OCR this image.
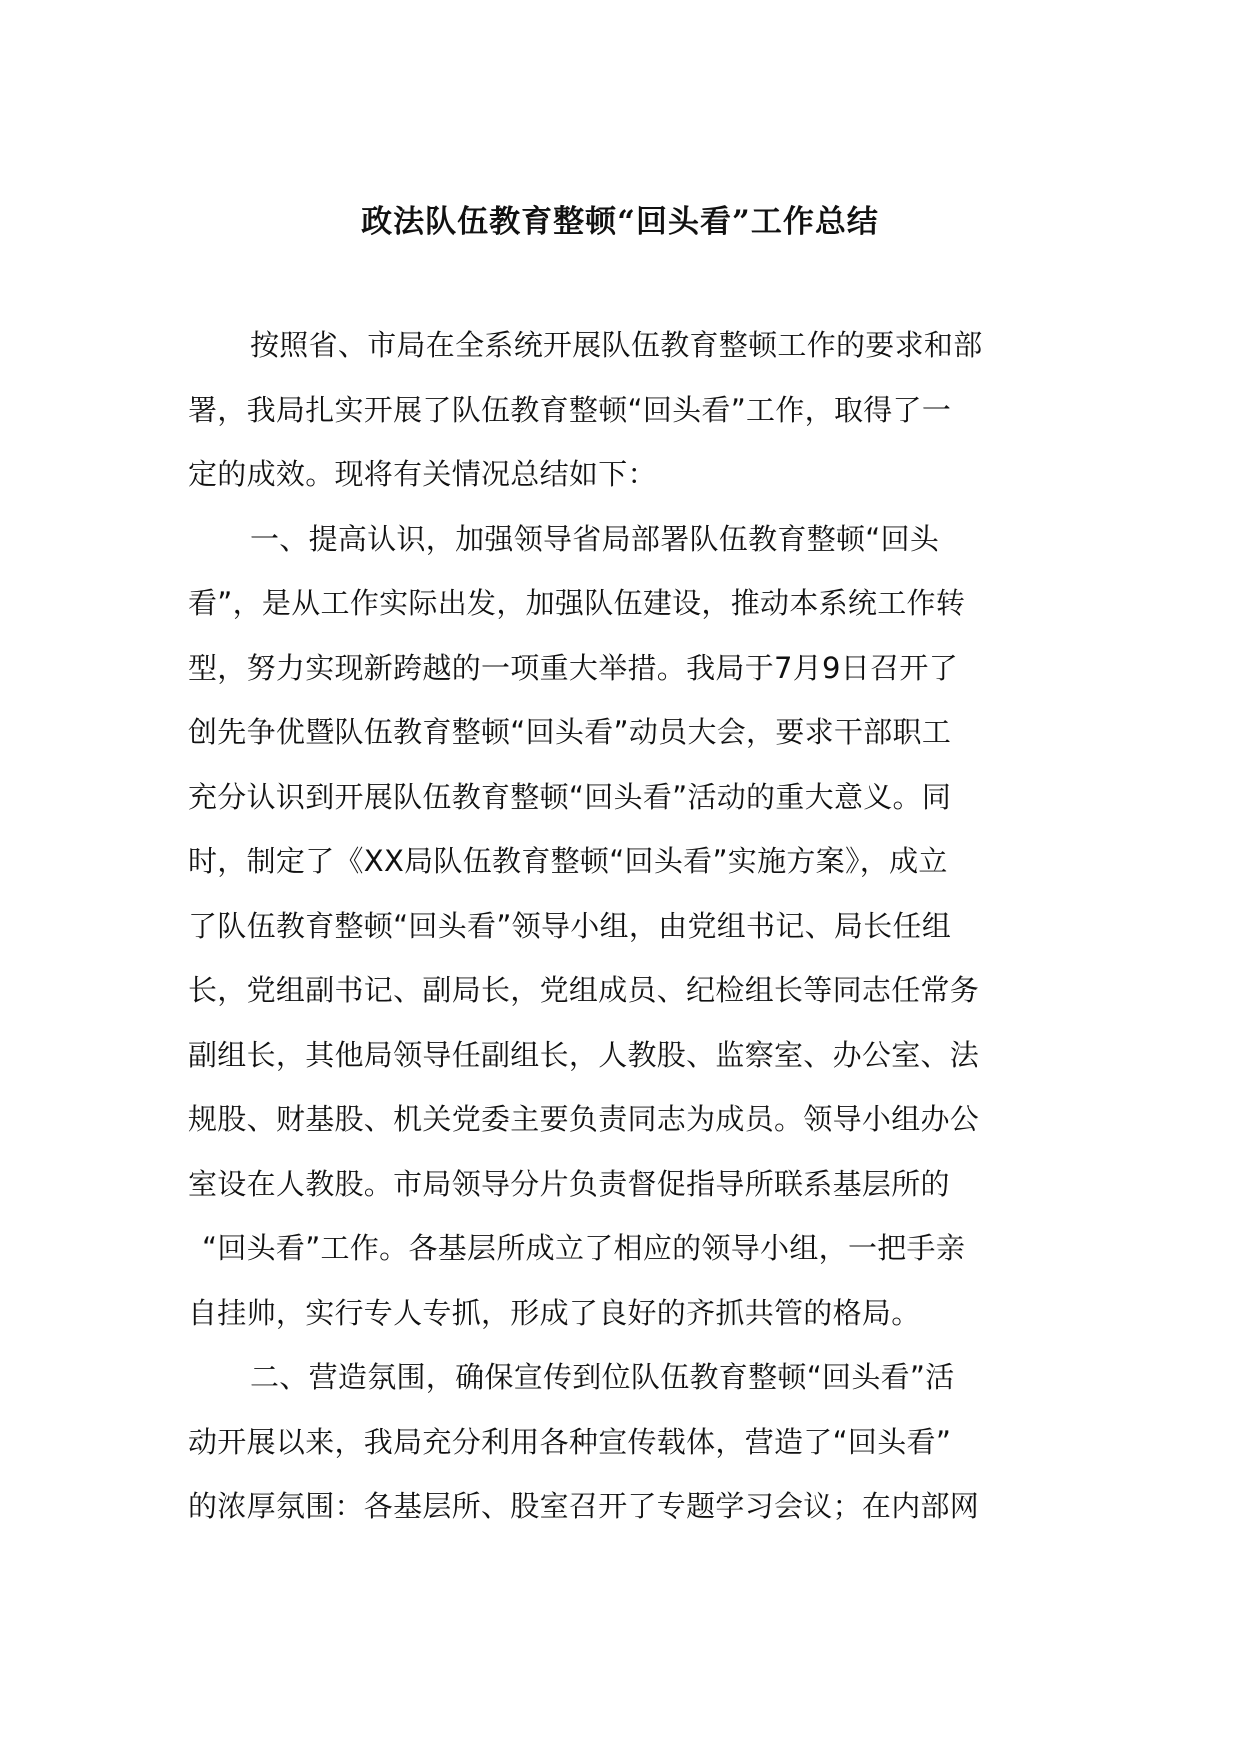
政法队伍教育整顿“回头看”工作总结
按照省、市局在全系统开展队伍教育整顿工作的要求和部
署，我局扎实开展了队伍教育整顿“回头看”工作，取得了一
定的成效。现将有关情况总结如下：
一、提高认识，加强领导省局部署队伍教育整顿“回头
看”，是从工作实际出发，加强队伍建设，推动本系统工作转
型，努力实现新跨越的一项重大举措。我局于7月9日召开了
创先争优暨队伍教育整顿“回头看”动员大会，要求干部职工
充分认识到开展队伍教育整顿“回头看”活动的重大意义。同
时，制定了《XX局队伍教育整顿“回头看”实施方案》，成立
了队伍教育整顿“回头看”领导小组，由党组书记、局长任组
长，党组副书记、副局长，党组成员、纪检组长等同志任常务
副组长，其他局领导任副组长，人教股、监察室、办公室、法
规股、财基股、机关党委主要负责同志为成员。领导小组办公
室设在人教股。市局领导分片负责督促指导所联系基层所的
“回头看”工作。各基层所成立了相应的领导小组，一把手亲
自挂帅，实行专人专抓，形成了良好的齐抓共管的格局。
二、营造氛围，确保宣传到位队伍教育整顿“回头看”活
动开展以来，我局充分利用各种宣传载体，营造了“回头看”
的浓厚氛围：各基层所、股室召开了专题学习会议；在内部网
